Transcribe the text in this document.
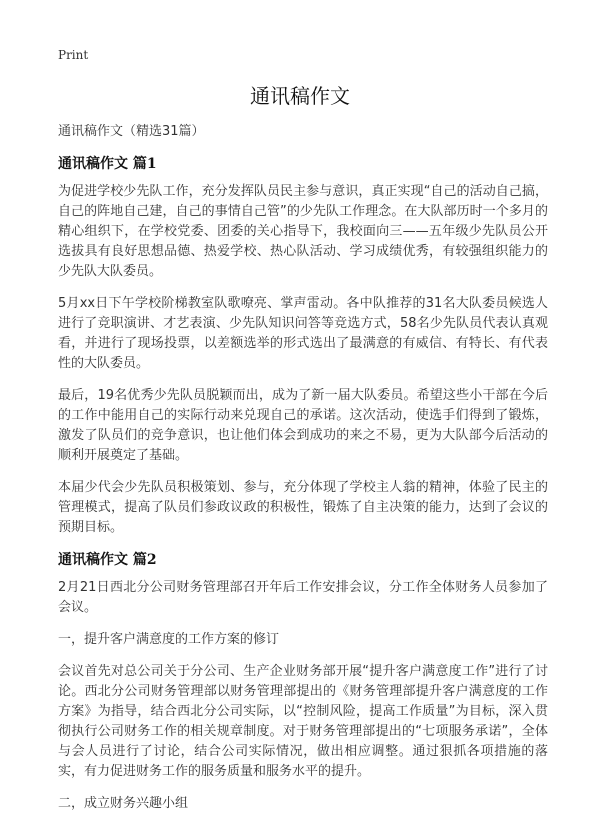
Print
通讯稿作文

通讯稿作文（精选31篇）

通讯稿作文 篇1

为促进学校少先队工作，充分发挥队员民主参与意识，真正实现“自己的活动自己搞，自己的阵地自己建，自己的事情自己管”的少先队工作理念。在大队部历时一个多月的精心组织下，在学校党委、团委的关心指导下，我校面向三——五年级少先队员公开选拔具有良好思想品德、热爱学校、热心队活动、学习成绩优秀，有较强组织能力的少先队大队委员。

5月xx日下午学校阶梯教室队歌嘹亮、掌声雷动。各中队推荐的31名大队委员候选人进行了竞职演讲、才艺表演、少先队知识问答等竞选方式，58名少先队员代表认真观看，并进行了现场投票，以差额选举的形式选出了最满意的有威信、有特长、有代表性的大队委员。

最后，19名优秀少先队员脱颖而出，成为了新一届大队委员。希望这些小干部在今后的工作中能用自己的实际行动来兑现自己的承诺。这次活动，使选手们得到了锻炼，激发了队员们的竞争意识，也让他们体会到成功的来之不易，更为大队部今后活动的顺利开展奠定了基础。

本届少代会少先队员积极策划、参与，充分体现了学校主人翁的精神，体验了民主的管理模式，提高了队员们参政议政的积极性，锻炼了自主决策的能力，达到了会议的预期目标。

通讯稿作文 篇2

2月21日西北分公司财务管理部召开年后工作安排会议，分工作全体财务人员参加了会议。

一，提升客户满意度的工作方案的修订

会议首先对总公司关于分公司、生产企业财务部开展“提升客户满意度工作”进行了讨论。西北分公司财务管理部以财务管理部提出的《财务管理部提升客户满意度的工作方案》为指导，结合西北分公司实际，以“控制风险，提高工作质量”为目标，深入贯彻执行公司财务工作的相关规章制度。对于财务管理部提出的“七项服务承诺”，全体与会人员进行了讨论，结合公司实际情况，做出相应调整。通过狠抓各项措施的落实，有力促进财务工作的服务质量和服务水平的提升。

二，成立财务兴趣小组
